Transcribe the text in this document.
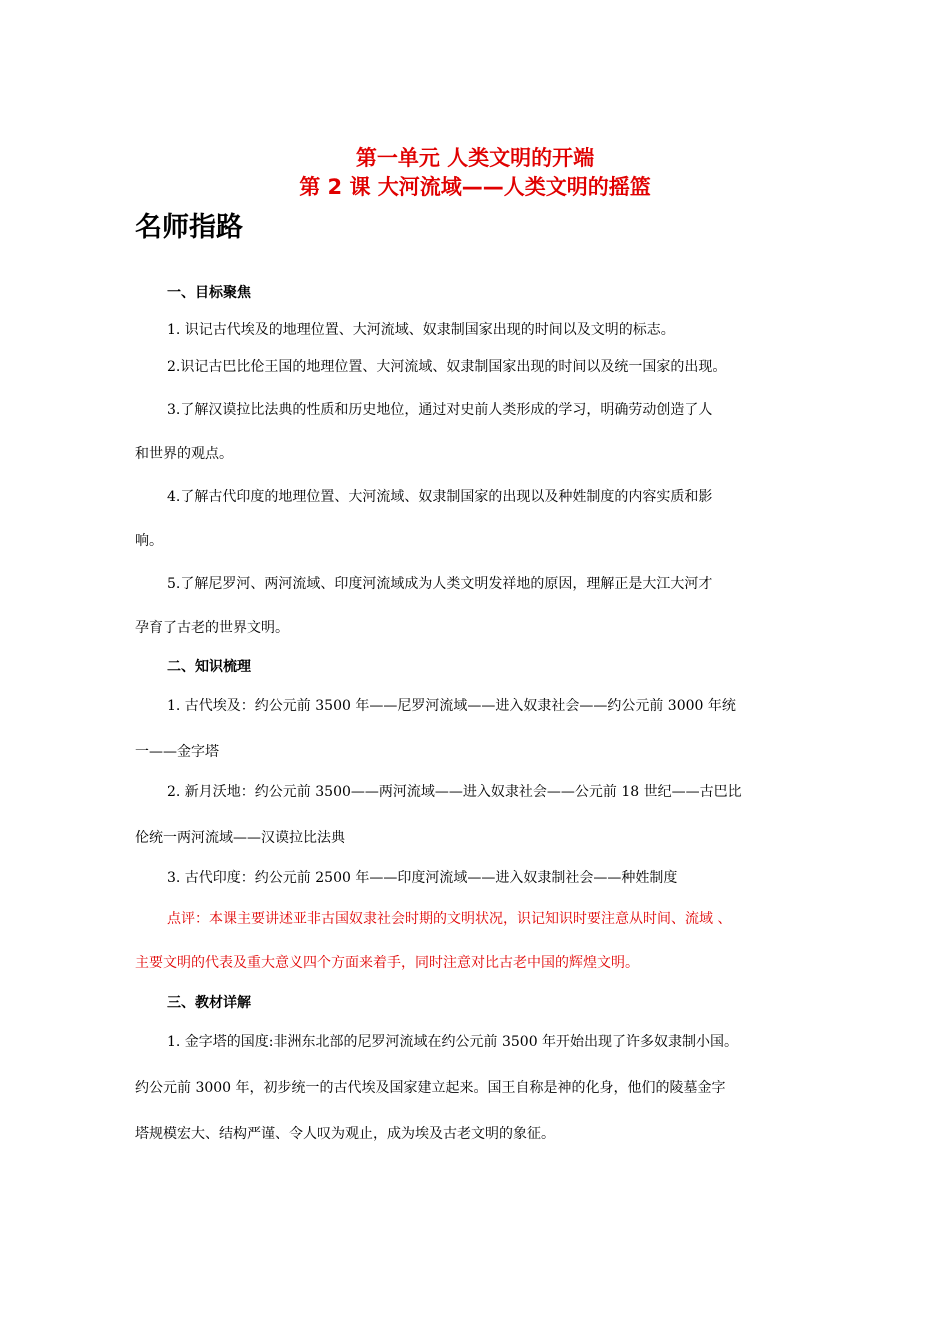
第一单元 人类文明的开端
第 2 课 大河流域——人类文明的摇篮
名师指路
一、目标聚焦
1. 识记古代埃及的地理位置、大河流域、奴隶制国家出现的时间以及文明的标志。
2.识记古巴比伦王国的地理位置、大河流域、奴隶制国家出现的时间以及统一国家的出现。
3.了解汉谟拉比法典的性质和历史地位，通过对史前人类形成的学习，明确劳动创造了人
和世界的观点。
4.了解古代印度的地理位置、大河流域、奴隶制国家的出现以及种姓制度的内容实质和影
响。
5.了解尼罗河、两河流域、印度河流域成为人类文明发祥地的原因，理解正是大江大河才
孕育了古老的世界文明。
二、知识梳理
1. 古代埃及：约公元前 3500 年——尼罗河流域——进入奴隶社会——约公元前 3000 年统
一——金字塔
2. 新月沃地：约公元前 3500——两河流域——进入奴隶社会——公元前 18 世纪——古巴比
伦统一两河流域——汉谟拉比法典
3. 古代印度：约公元前 2500 年——印度河流域——进入奴隶制社会——种姓制度
点评：本课主要讲述亚非古国奴隶社会时期的文明状况，识记知识时要注意从时间、流域 、
主要文明的代表及重大意义四个方面来着手，同时注意对比古老中国的辉煌文明。
三、教材详解
1. 金字塔的国度:非洲东北部的尼罗河流域在约公元前 3500 年开始出现了许多奴隶制小国。
约公元前 3000 年，初步统一的古代埃及国家建立起来。国王自称是神的化身，他们的陵墓金字
塔规模宏大、结构严谨、令人叹为观止，成为埃及古老文明的象征。
